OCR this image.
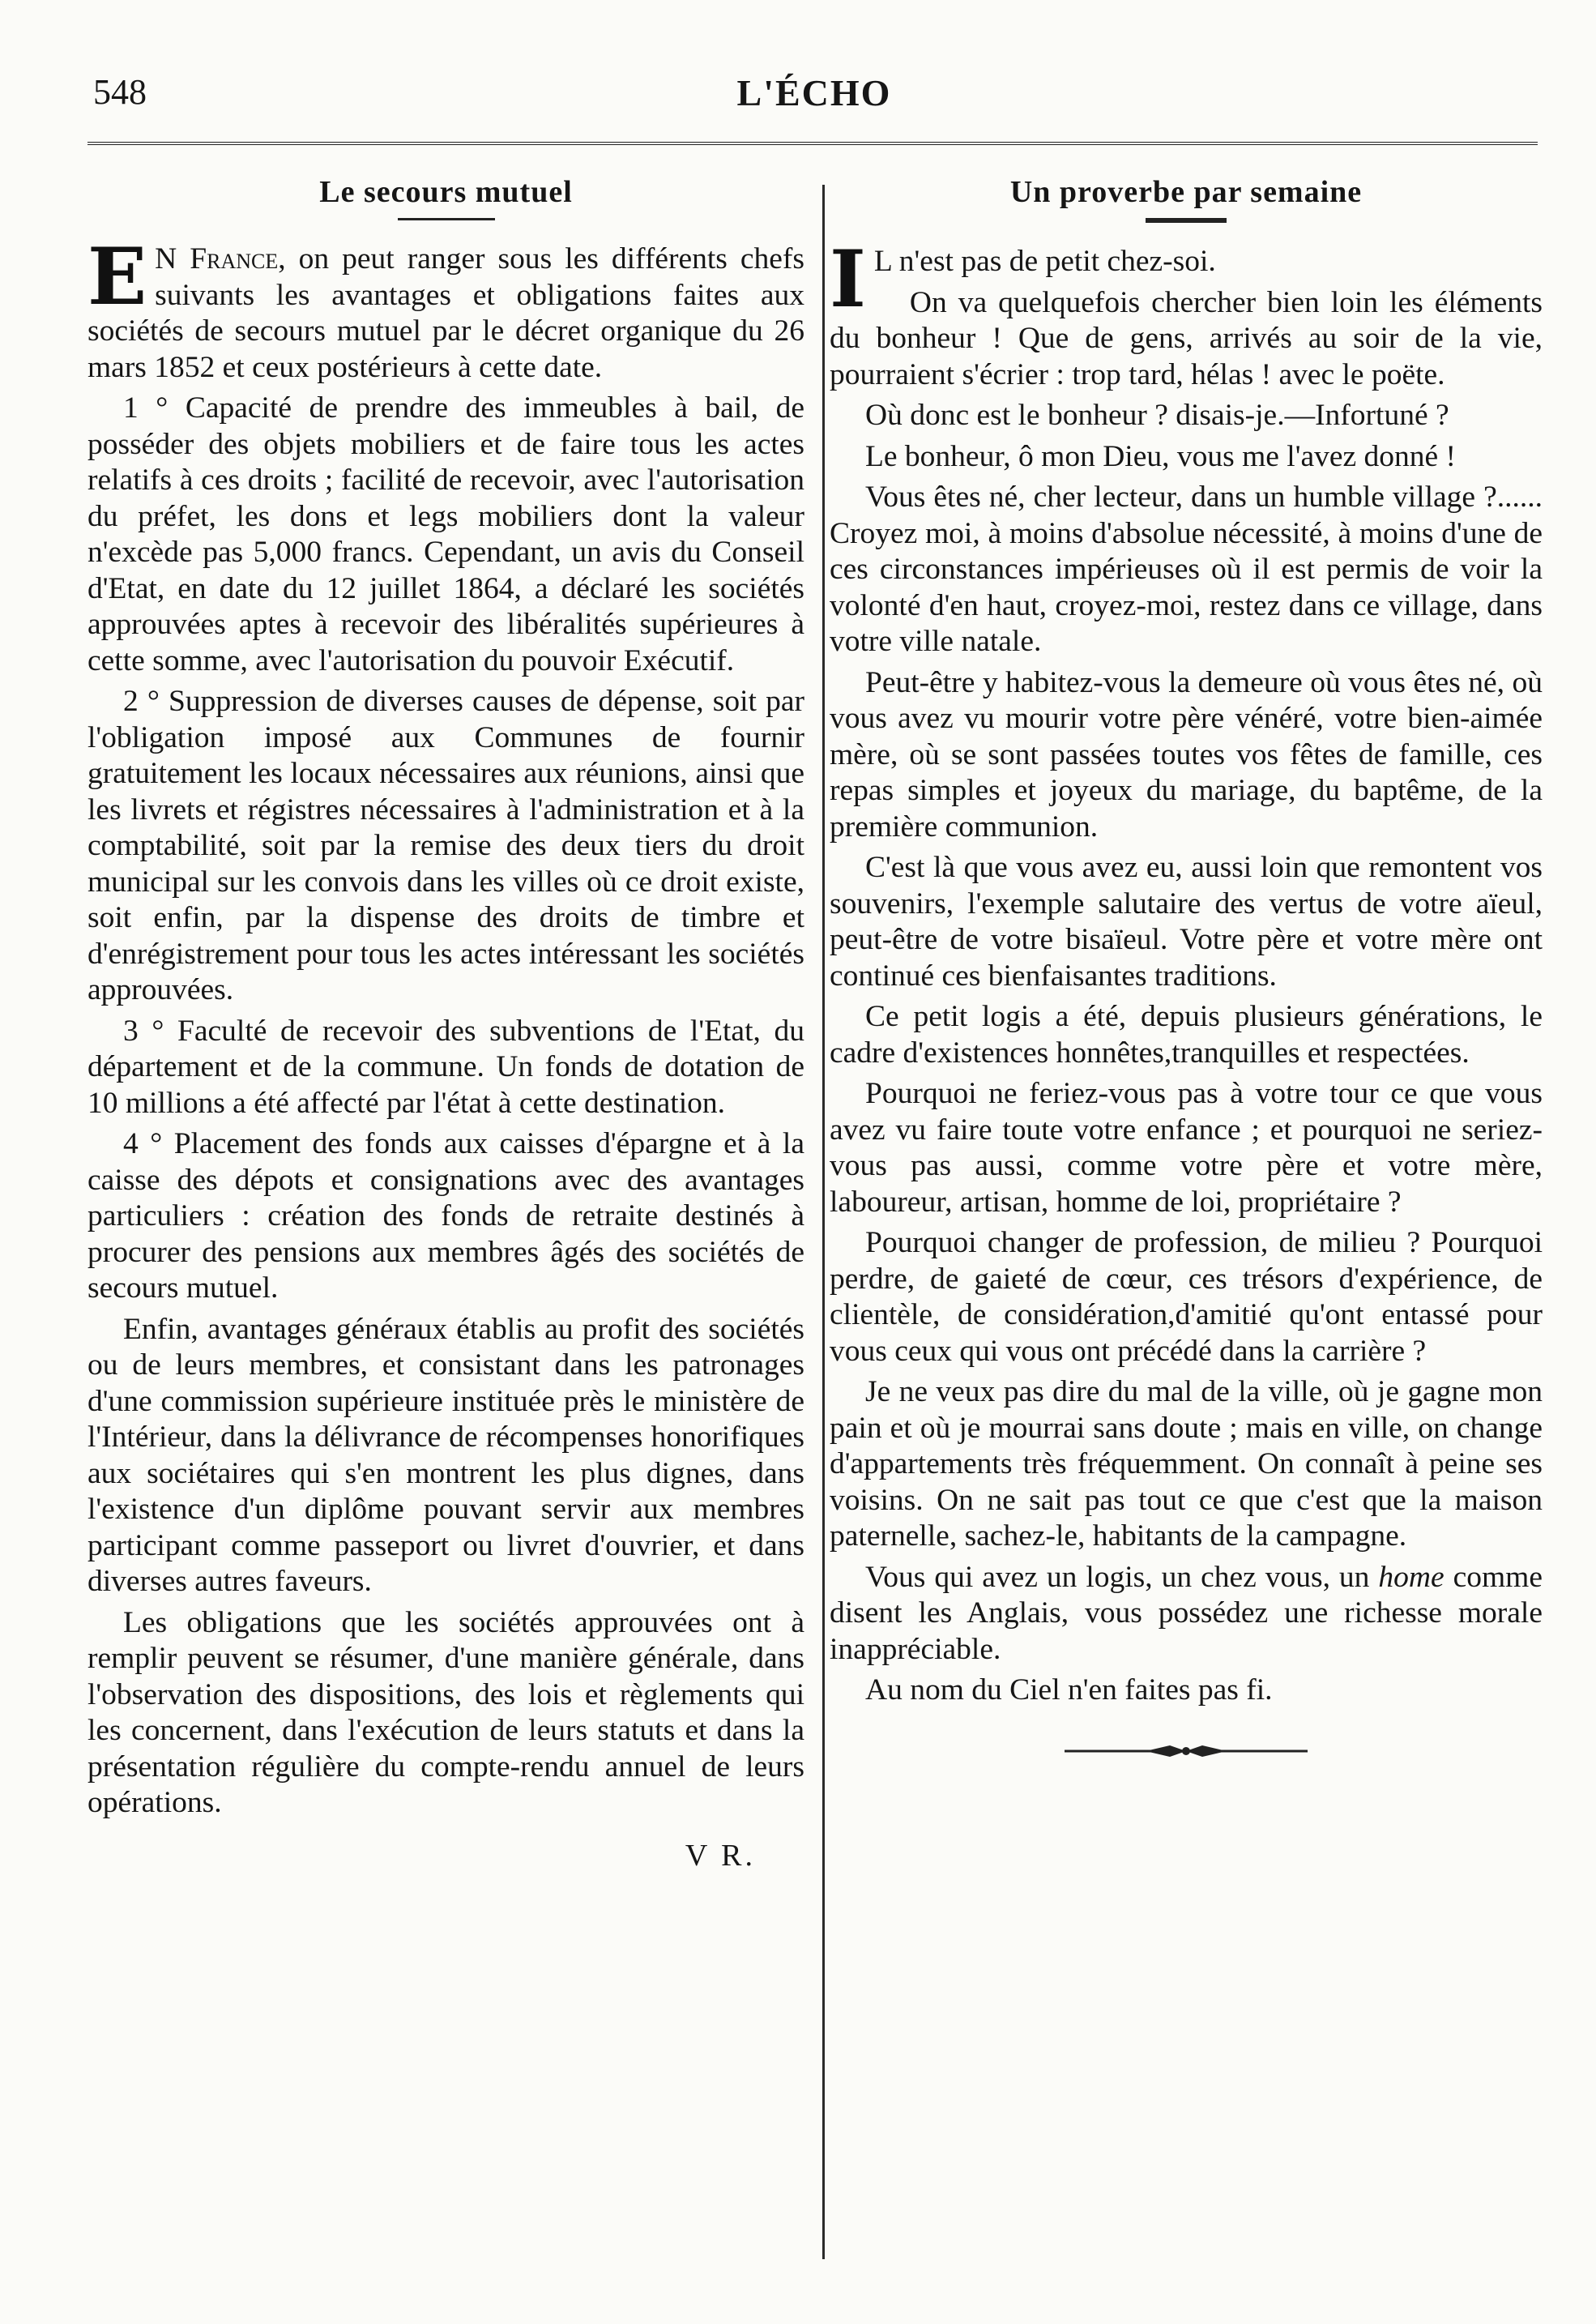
548	L'ÉCHO
Le secours mutuel

E N France, on peut ranger sous les différents chefs suivants les avantages et obligations faites aux sociétés de secours mutuel par le décret organique du 26 mars 1852 et ceux postérieurs à cette date.

1 ° Capacité de prendre des immeubles à bail, de posséder des objets mobiliers et de faire tous les actes relatifs à ces droits ; facilité de recevoir, avec l'autorisation du préfet, les dons et legs mobiliers dont la valeur n'excède pas 5,000 francs. Cependant, un avis du Conseil d'Etat, en date du 12 juillet 1864, a déclaré les sociétés approuvées aptes à recevoir des libéralités supérieures à cette somme, avec l'autorisation du pouvoir Exécutif.

2 ° Suppression de diverses causes de dépense, soit par l'obligation imposé aux Communes de fournir gratuitement les locaux nécessaires aux réunions, ainsi que les livrets et régistres nécessaires à l'administration et à la comptabilité, soit par la remise des deux tiers du droit municipal sur les convois dans les villes où ce droit existe, soit enfin, par la dispense des droits de timbre et d'enrégistrement pour tous les actes intéressant les sociétés approuvées.

3 ° Faculté de recevoir des subventions de l'Etat, du département et de la commune. Un fonds de dotation de 10 millions a été affecté par l'état à cette destination.

4 ° Placement des fonds aux caisses d'épargne et à la caisse des dépots et consignations avec des avantages particuliers : création des fonds de retraite destinés à procurer des pensions aux membres âgés des sociétés de secours mutuel.

Enfin, avantages généraux établis au profit des sociétés ou de leurs membres, et consistant dans les patronages d'une commission supérieure instituée près le ministère de l'Intérieur, dans la délivrance de récompenses honorifiques aux sociétaires qui s'en montrent les plus dignes, dans l'existence d'un diplôme pouvant servir aux membres participant comme passeport ou livret d'ouvrier, et dans diverses autres faveurs.

Les obligations que les sociétés approuvées ont à remplir peuvent se résumer, d'une manière générale, dans l'observation des dispositions, des lois et règlements qui les concernent, dans l'exécution de leurs statuts et dans la présentation régulière du compte-rendu annuel de leurs opérations.

V R.
Un proverbe par semaine

I L n'est pas de petit chez-soi.

On va quelquefois chercher bien loin les éléments du bonheur ! Que de gens, arrivés au soir de la vie, pourraient s'écrier : trop tard, hélas ! avec le poëte.

Où donc est le bonheur ? disais-je.—Infortuné ?

Le bonheur, ô mon Dieu, vous me l'avez donné !

Vous êtes né, cher lecteur, dans un humble village ?...... Croyez moi, à moins d'absolue nécessité, à moins d'une de ces circonstances impérieuses où il est permis de voir la volonté d'en haut, croyez-moi, restez dans ce village, dans votre ville natale.

Peut-être y habitez-vous la demeure où vous êtes né, où vous avez vu mourir votre père vénéré, votre bien-aimée mère, où se sont passées toutes vos fêtes de famille, ces repas simples et joyeux du mariage, du baptême, de la première communion.

C'est là que vous avez eu, aussi loin que remontent vos souvenirs, l'exemple salutaire des vertus de votre aïeul, peut-être de votre bisaïeul. Votre père et votre mère ont continué ces bienfaisantes traditions.

Ce petit logis a été, depuis plusieurs générations, le cadre d'existences honnêtes,tranquilles et respectées.

Pourquoi ne feriez-vous pas à votre tour ce que vous avez vu faire toute votre enfance ; et pourquoi ne seriez-vous pas aussi, comme votre père et votre mère, laboureur, artisan, homme de loi, propriétaire ?

Pourquoi changer de profession, de milieu ? Pourquoi perdre, de gaieté de cœur, ces trésors d'expérience, de clientèle, de considération,d'amitié qu'ont entassé pour vous ceux qui vous ont précédé dans la carrière ?

Je ne veux pas dire du mal de la ville, où je gagne mon pain et où je mourrai sans doute ; mais en ville, on change d'appartements très fréquemment. On connaît à peine ses voisins. On ne sait pas tout ce que c'est que la maison paternelle, sachez-le, habitants de la campagne.

Vous qui avez un logis, un chez vous, un home comme disent les Anglais, vous possédez une richesse morale inappréciable.

Au nom du Ciel n'en faites pas fi.
